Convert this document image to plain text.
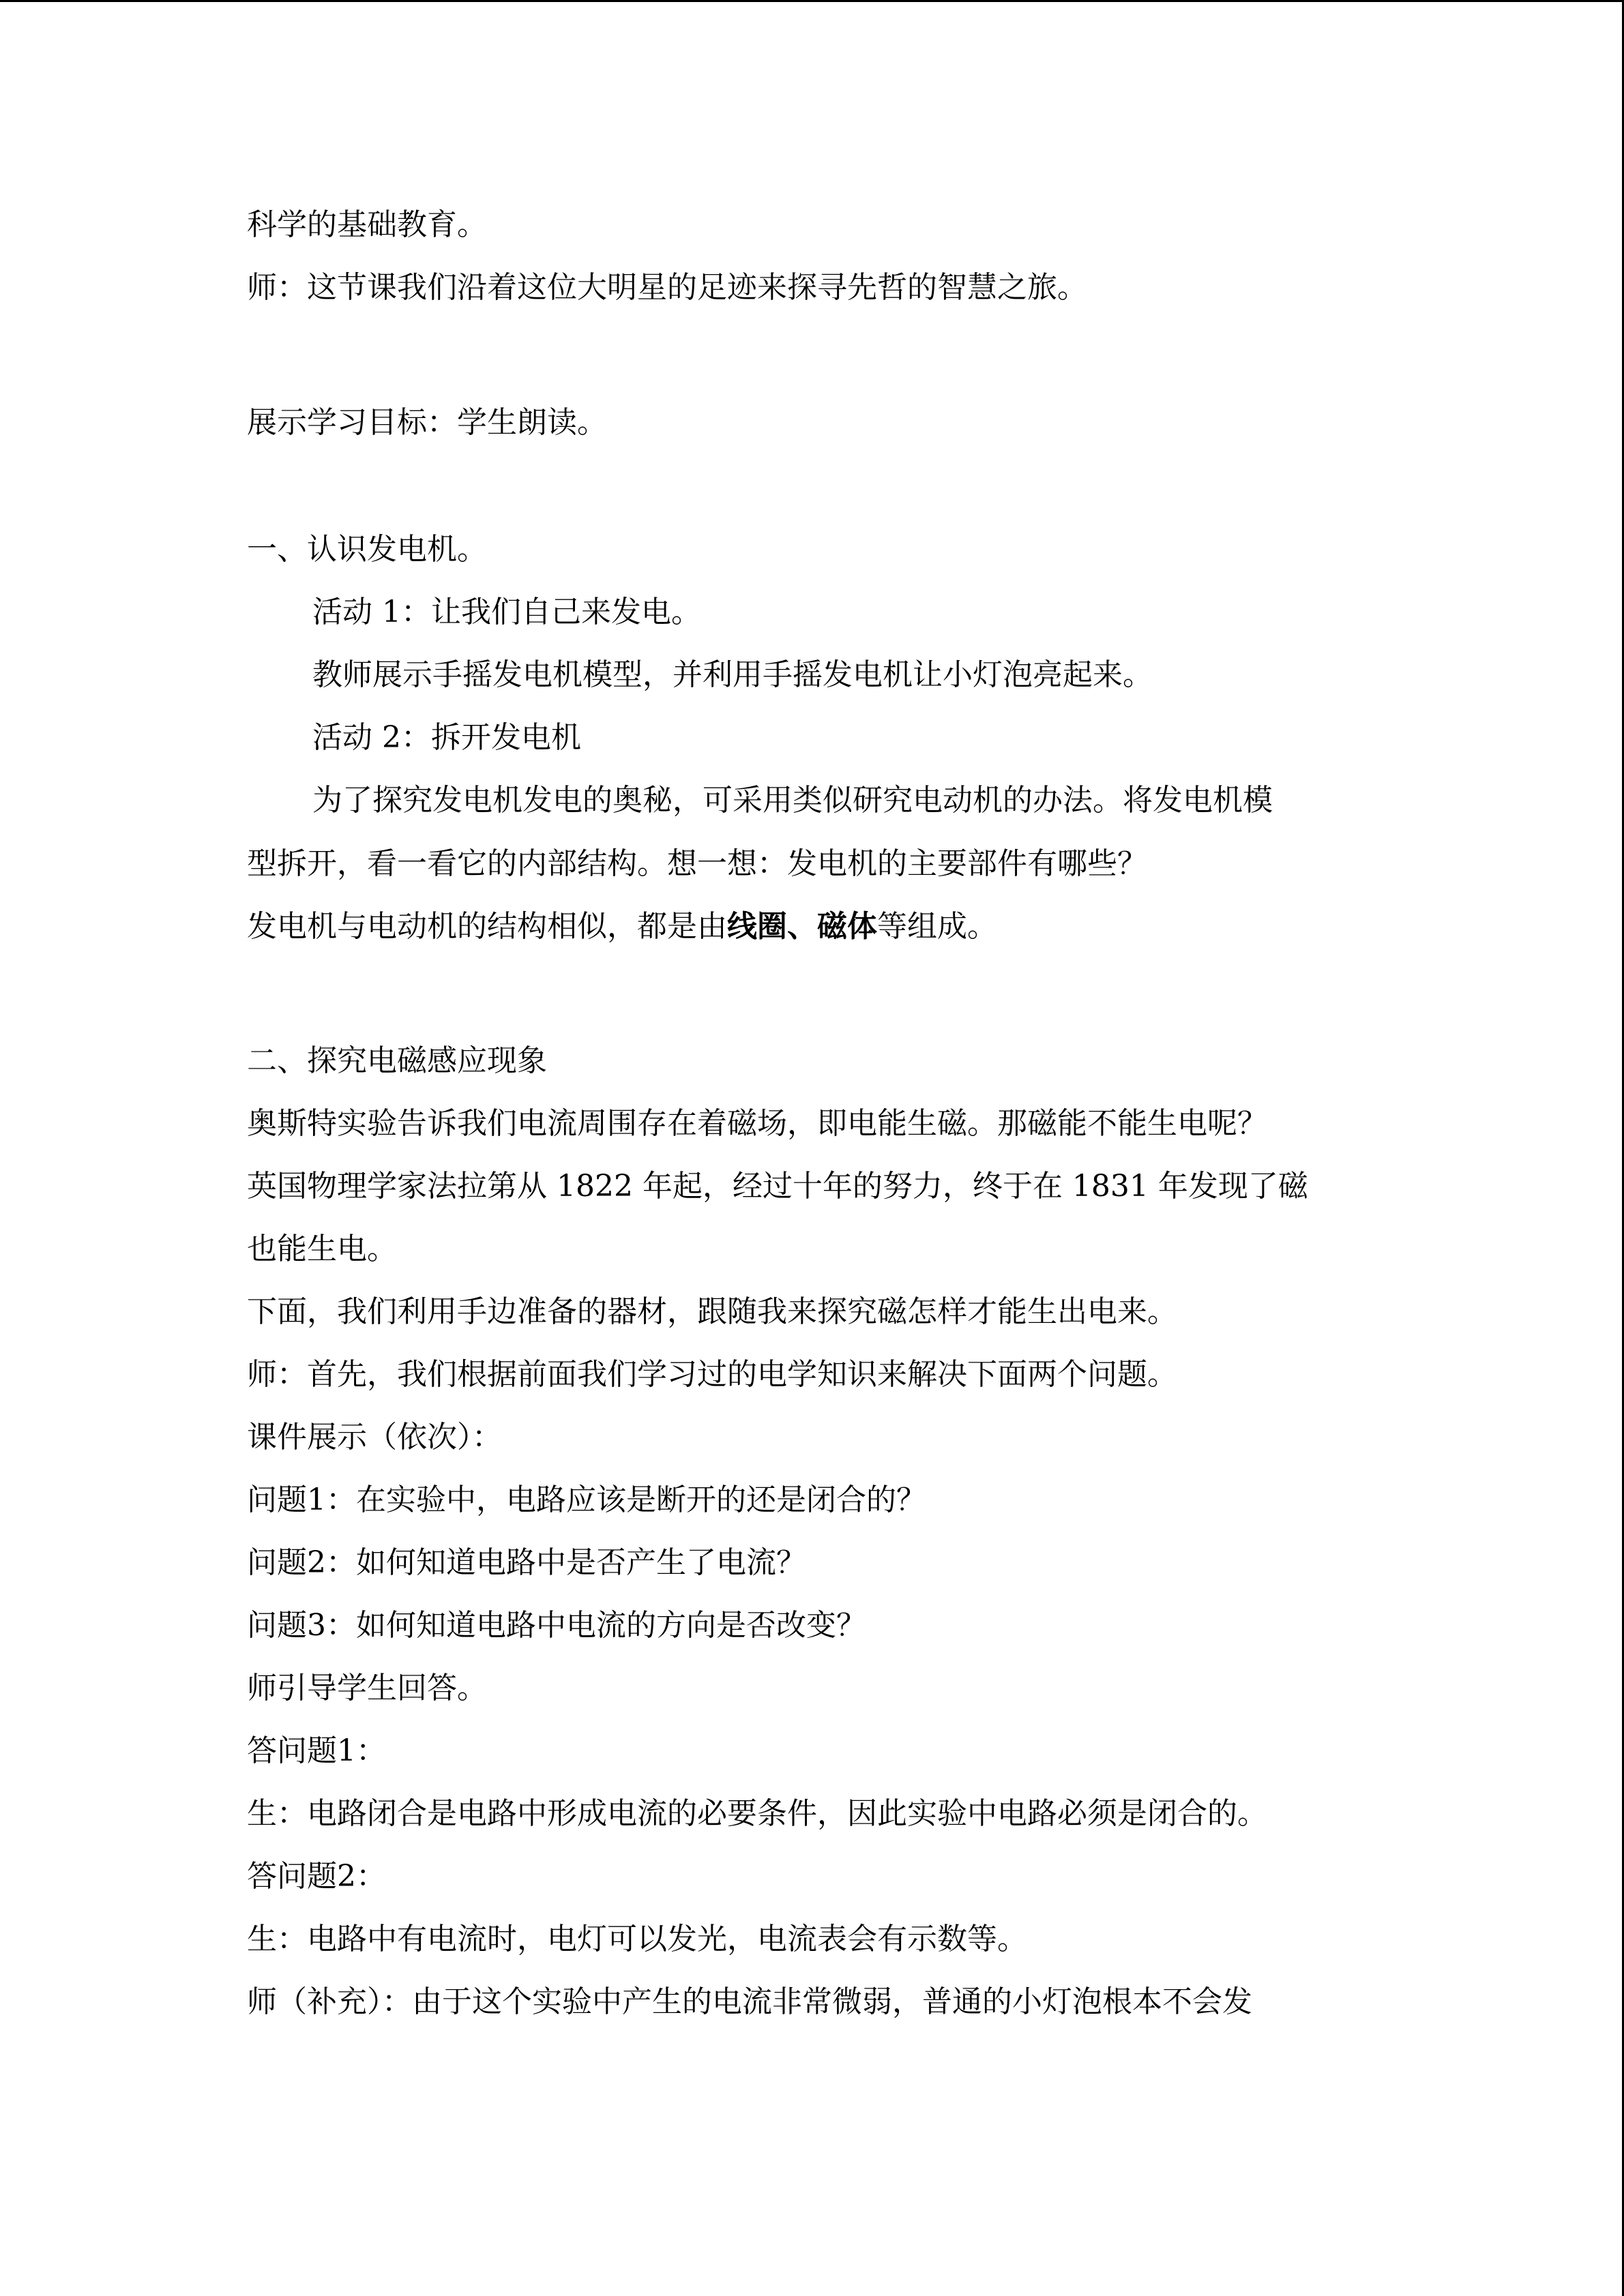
科学的基础教育。
师：这节课我们沿着这位大明星的足迹来探寻先哲的智慧之旅。
展示学习目标：学生朗读。
一、认识发电机。
活动 1：让我们自己来发电。
教师展示手摇发电机模型，并利用手摇发电机让小灯泡亮起来。
活动 2：拆开发电机
为了探究发电机发电的奥秘，可采用类似研究电动机的办法。将发电机模
型拆开，看一看它的内部结构。想一想：发电机的主要部件有哪些？
发电机与电动机的结构相似，都是由线圈、磁体等组成。
二、探究电磁感应现象
奥斯特实验告诉我们电流周围存在着磁场，即电能生磁。那磁能不能生电呢？
英国物理学家法拉第从 1822 年起，经过十年的努力，终于在 1831 年发现了磁
也能生电。
下面，我们利用手边准备的器材，跟随我来探究磁怎样才能生出电来。
师：首先，我们根据前面我们学习过的电学知识来解决下面两个问题。
课件展示（依次）：
问题1：在实验中，电路应该是断开的还是闭合的？
问题2：如何知道电路中是否产生了电流？
问题3：如何知道电路中电流的方向是否改变？
师引导学生回答。
答问题1：
生：电路闭合是电路中形成电流的必要条件，因此实验中电路必须是闭合的。
答问题2：
生：电路中有电流时，电灯可以发光，电流表会有示数等。
师（补充）：由于这个实验中产生的电流非常微弱，普通的小灯泡根本不会发
